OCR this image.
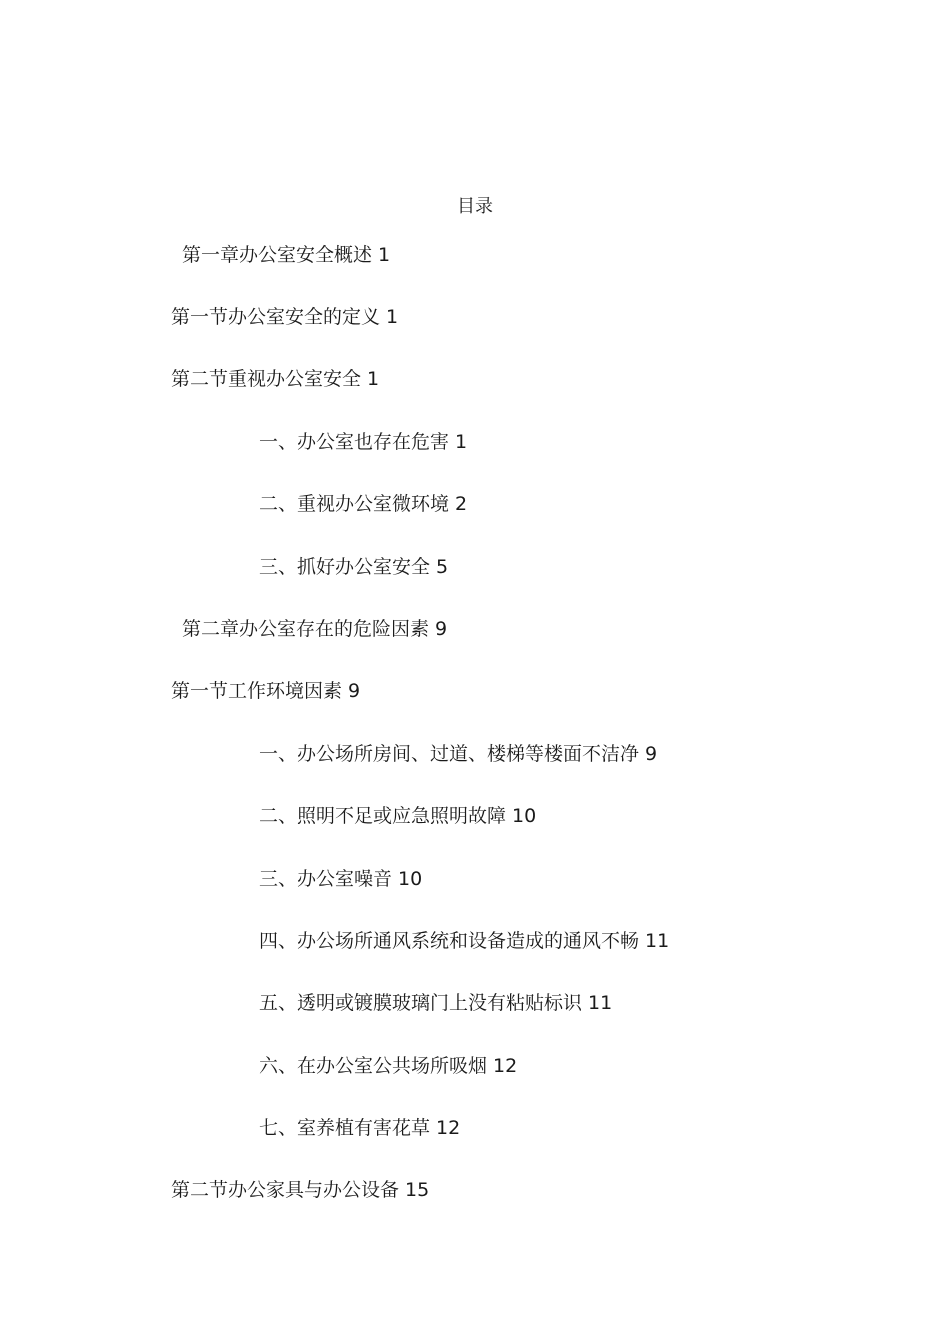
目录
第一章办公室安全概述 1
第一节办公室安全的定义 1
第二节重视办公室安全 1
一、办公室也存在危害 1
二、重视办公室微环境 2
三、抓好办公室安全 5
第二章办公室存在的危险因素 9
第一节工作环境因素 9
一、办公场所房间、过道、楼梯等楼面不洁净 9
二、照明不足或应急照明故障 10
三、办公室噪音 10
四、办公场所通风系统和设备造成的通风不畅 11
五、透明或镀膜玻璃门上没有粘贴标识 11
六、在办公室公共场所吸烟 12
七、室养植有害花草 12
第二节办公家具与办公设备 15
